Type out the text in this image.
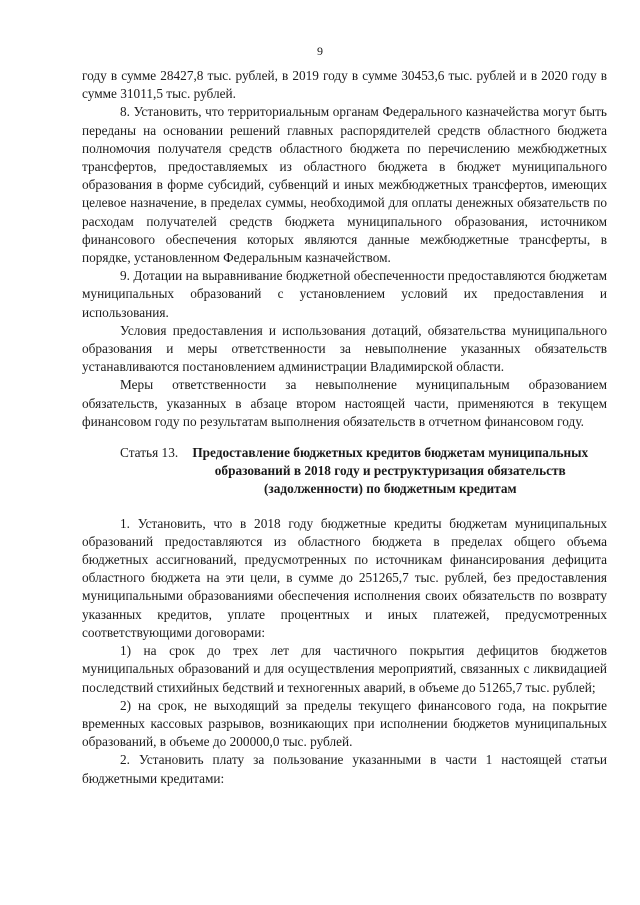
9

году в сумме 28427,8 тыс. рублей, в 2019 году в сумме 30453,6 тыс. рублей и в 2020 году в сумме 31011,5 тыс. рублей.

8. Установить, что территориальным органам Федерального казначейства могут быть переданы на основании решений главных распорядителей средств областного бюджета полномочия получателя средств областного бюджета по перечислению межбюджетных трансфертов, предоставляемых из областного бюджета в бюджет муниципального образования в форме субсидий, субвенций и иных межбюджетных трансфертов, имеющих целевое назначение, в пределах суммы, необходимой для оплаты денежных обязательств по расходам получателей средств бюджета муниципального образования, источником финансового обеспечения которых являются данные межбюджетные трансферты, в порядке, установленном Федеральным казначейством.

9. Дотации на выравнивание бюджетной обеспеченности предоставляются бюджетам муниципальных образований с установлением условий их предоставления и использования.

Условия предоставления и использования дотаций, обязательства муниципального образования и меры ответственности за невыполнение указанных обязательств устанавливаются постановлением администрации Владимирской области.

Меры ответственности за невыполнение муниципальным образованием обязательств, указанных в абзаце втором настоящей части, применяются в текущем финансовом году по результатам выполнения обязательств в отчетном финансовом году.

Статья 13. Предоставление бюджетных кредитов бюджетам муниципальных образований в 2018 году и реструктуризация обязательств (задолженности) по бюджетным кредитам

1. Установить, что в 2018 году бюджетные кредиты бюджетам муниципальных образований предоставляются из областного бюджета в пределах общего объема бюджетных ассигнований, предусмотренных по источникам финансирования дефицита областного бюджета на эти цели, в сумме до 251265,7 тыс. рублей, без предоставления муниципальными образованиями обеспечения исполнения своих обязательств по возврату указанных кредитов, уплате процентных и иных платежей, предусмотренных соответствующими договорами:

1) на срок до трех лет для частичного покрытия дефицитов бюджетов муниципальных образований и для осуществления мероприятий, связанных с ликвидацией последствий стихийных бедствий и техногенных аварий, в объеме до 51265,7 тыс. рублей;

2) на срок, не выходящий за пределы текущего финансового года, на покрытие временных кассовых разрывов, возникающих при исполнении бюджетов муниципальных образований, в объеме до 200000,0 тыс. рублей.

2. Установить плату за пользование указанными в части 1 настоящей статьи бюджетными кредитами:
